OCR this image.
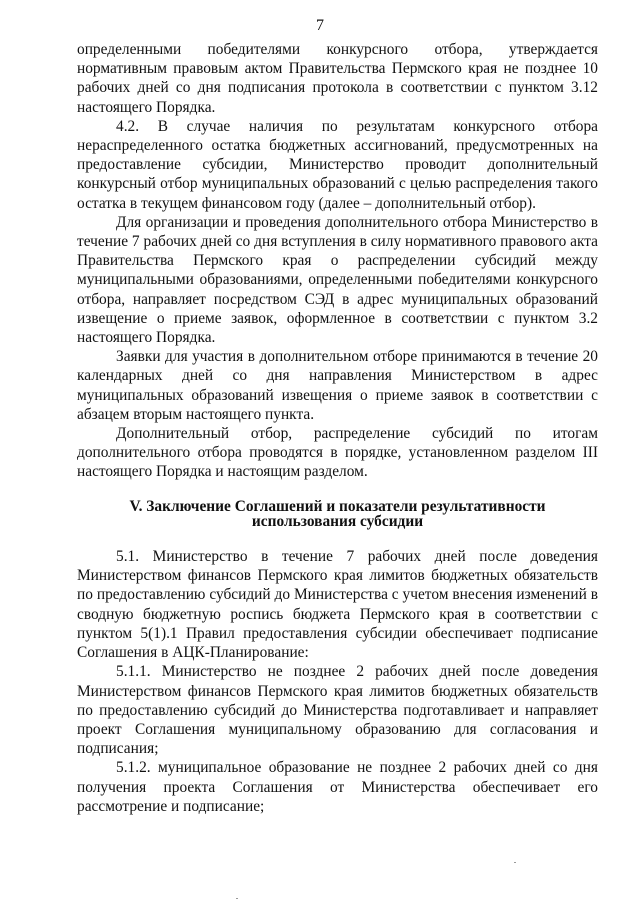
7

определенными победителями конкурсного отбора, утверждается нормативным правовым актом Правительства Пермского края не позднее 10 рабочих дней со дня подписания протокола в соответствии с пунктом 3.12 настоящего Порядка.

4.2. В случае наличия по результатам конкурсного отбора нераспределенного остатка бюджетных ассигнований, предусмотренных на предоставление субсидии, Министерство проводит дополнительный конкурсный отбор муниципальных образований с целью распределения такого остатка в текущем финансовом году (далее – дополнительный отбор).

Для организации и проведения дополнительного отбора Министерство в течение 7 рабочих дней со дня вступления в силу нормативного правового акта Правительства Пермского края о распределении субсидий между муниципальными образованиями, определенными победителями конкурсного отбора, направляет посредством СЭД в адрес муниципальных образований извещение о приеме заявок, оформленное в соответствии с пунктом 3.2 настоящего Порядка.

Заявки для участия в дополнительном отборе принимаются в течение 20 календарных дней со дня направления Министерством в адрес муниципальных образований извещения о приеме заявок в соответствии с абзацем вторым настоящего пункта.

Дополнительный отбор, распределение субсидий по итогам дополнительного отбора проводятся в порядке, установленном разделом III настоящего Порядка и настоящим разделом.

V. Заключение Соглашений и показатели результативности
использования субсидии

5.1. Министерство в течение 7 рабочих дней после доведения Министерством финансов Пермского края лимитов бюджетных обязательств по предоставлению субсидий до Министерства с учетом внесения изменений в сводную бюджетную роспись бюджета Пермского края в соответствии с пунктом 5(1).1 Правил предоставления субсидии обеспечивает подписание Соглашения в АЦК-Планирование:

5.1.1. Министерство не позднее 2 рабочих дней после доведения Министерством финансов Пермского края лимитов бюджетных обязательств по предоставлению субсидий до Министерства подготавливает и направляет проект Соглашения муниципальному образованию для согласования и подписания;

5.1.2. муниципальное образование не позднее 2 рабочих дней со дня получения проекта Соглашения от Министерства обеспечивает его рассмотрение и подписание;
